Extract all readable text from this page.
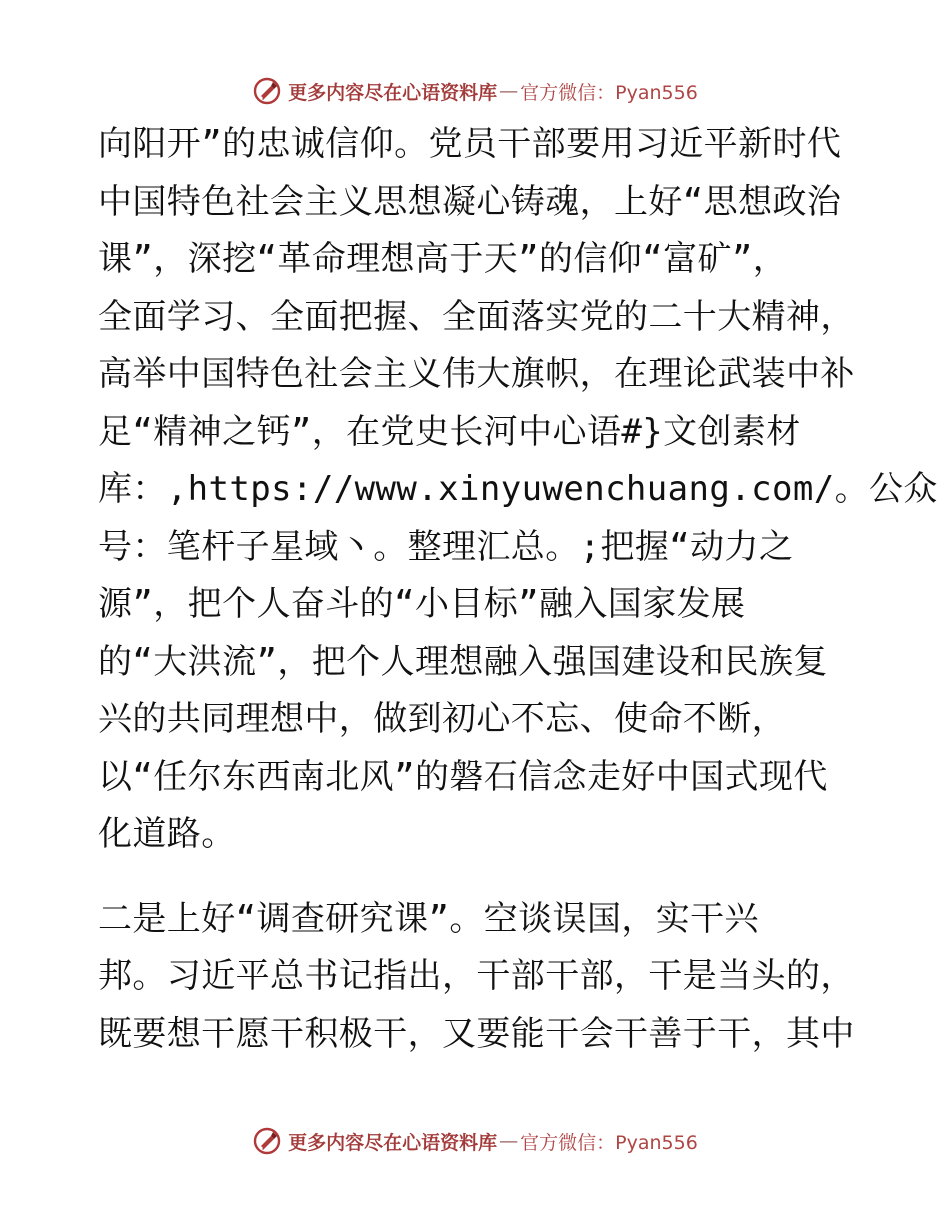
更多内容尽在心语资料库 — 官方微信：Pyan556
向阳开”的忠诚信仰。党员干部要用习近平新时代
中国特色社会主义思想凝心铸魂，上好“思想政治
课”，深挖“革命理想高于天”的信仰“富矿”，
全面学习、全面把握、全面落实党的二十大精神，
高举中国特色社会主义伟大旗帜，在理论武装中补
足“精神之钙”，在党史长河中心语#}文创素材
库：,https://www.xinyuwenchuang.com/。公众
号：笔杆子星域丶。整理汇总。;把握“动力之
源”，把个人奋斗的“小目标”融入国家发展
的“大洪流”，把个人理想融入强国建设和民族复
兴的共同理想中，做到初心不忘、使命不断，
以“任尔东西南北风”的磐石信念走好中国式现代
化道路。
二是上好“调查研究课”。空谈误国，实干兴
邦。习近平总书记指出，干部干部，干是当头的，
既要想干愿干积极干，又要能干会干善于干，其中
更多内容尽在心语资料库 — 官方微信：Pyan556
